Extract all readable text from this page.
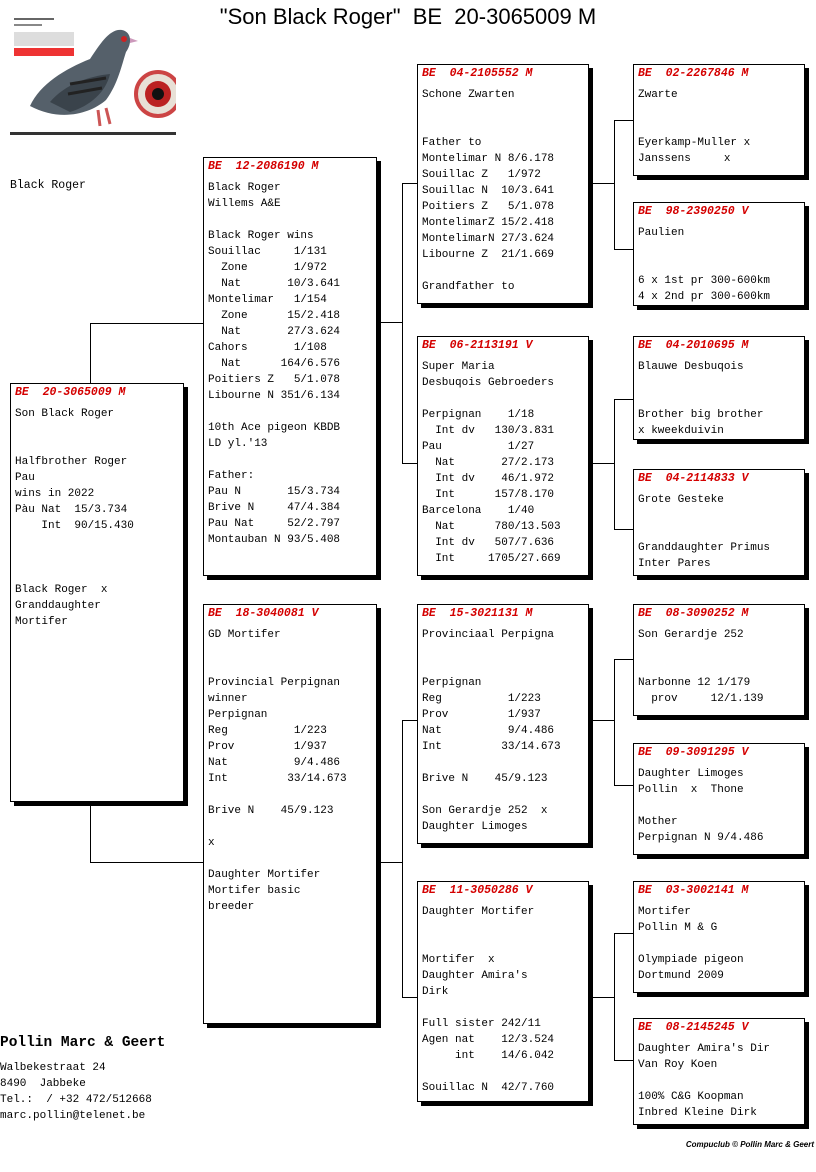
"Son Black Roger"  BE  20-3065009 M
Black Roger
BE  20-3065009 M
Son Black Roger
Halfbrother Roger
Pau
wins in 2022
Pàu Nat  15/3.734
Int  90/15.430
Black Roger  x
Granddaughter
Mortifer
BE  12-2086190 M
Black Roger
Willems A&E
Black Roger wins
Souillac     1/131
Zone       1/972
Nat       10/3.641
Montelimar   1/154
Zone      15/2.418
Nat       27/3.624
Cahors       1/108
Nat      164/6.576
Poitiers Z   5/1.078
Libourne N 351/6.134
10th Ace pigeon KBDB
LD yl.'13
Father:
Pau N       15/3.734
Brive N     47/4.384
Pau Nat     52/2.797
Montauban N 93/5.408
BE  18-3040081 V
GD Mortifer
Provincial Perpignan
winner
Perpignan
Reg          1/223
Prov         1/937
Nat          9/4.486
Int         33/14.673
Brive N    45/9.123
x
Daughter Mortifer
Mortifer basic
breeder
BE  04-2105552 M
Schone Zwarten
Father to
Montelimar N 8/6.178
Souillac Z   1/972
Souillac N  10/3.641
Poitiers Z   5/1.078
MontelimarZ 15/2.418
MontelimarN 27/3.624
Libourne Z  21/1.669
Grandfather to
BE  06-2113191 V
Super Maria
Desbuqois Gebroeders
Perpignan    1/18
Int dv   130/3.831
Pau          1/27
Nat       27/2.173
Int dv    46/1.972
Int      157/8.170
Barcelona    1/40
Nat      780/13.503
Int dv   507/7.636
Int     1705/27.669
BE  15-3021131 M
Provinciaal Perpigna
Perpignan
Reg          1/223
Prov         1/937
Nat          9/4.486
Int         33/14.673
Brive N    45/9.123
Son Gerardje 252  x
Daughter Limoges
BE  11-3050286 V
Daughter Mortifer
Mortifer  x
Daughter Amira's
Dirk
Full sister 242/11
Agen nat    12/3.524
int    14/6.042
Souillac N  42/7.760
BE  02-2267846 M
Zwarte
Eyerkamp-Muller x
Janssens     x
BE  98-2390250 V
Paulien
6 x 1st pr 300-600km
4 x 2nd pr 300-600km
BE  04-2010695 M
Blauwe Desbuqois
Brother big brother
x kweekduivin
BE  04-2114833 V
Grote Gesteke
Granddaughter Primus
Inter Pares
BE  08-3090252 M
Son Gerardje 252
Narbonne 12 1/179
prov     12/1.139
BE  09-3091295 V
Daughter Limoges
Pollin  x  Thone
Mother
Perpignan N 9/4.486
BE  03-3002141 M
Mortifer
Pollin M & G
Olympiade pigeon
Dortmund 2009
BE  08-2145245 V
Daughter Amira's Dir
Van Roy Koen
100% C&G Koopman
Inbred Kleine Dirk
Pollin Marc & Geert
Walbekestraat 24
8490  Jabbeke
Tel.:  / +32 472/512668
marc.pollin@telenet.be
Compuclub © Pollin Marc & Geert
